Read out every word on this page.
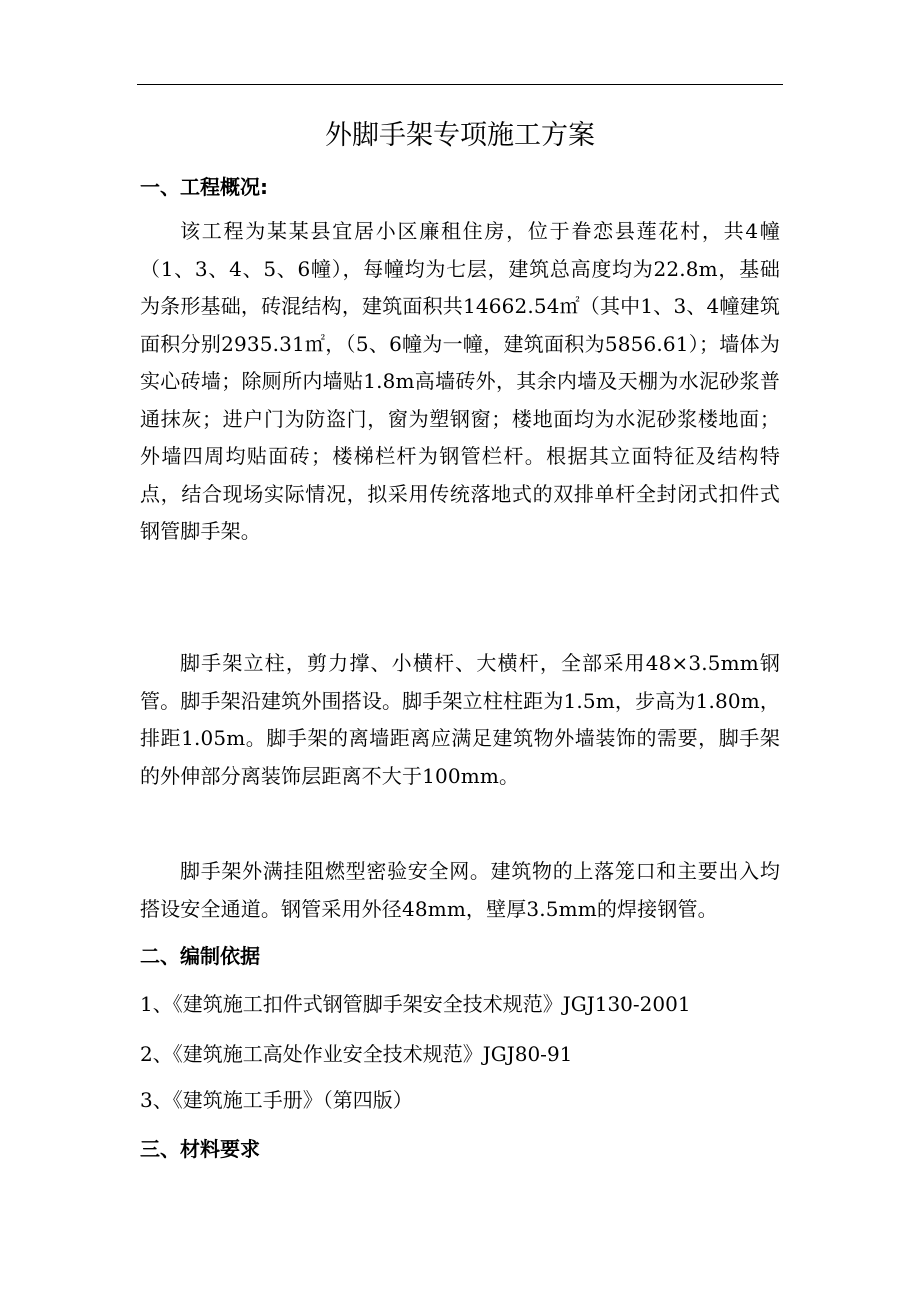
外脚手架专项施工方案
一、工程概况:
该工程为某某县宜居小区廉租住房，位于眷恋县莲花村，共4幢（1、3、4、5、6幢），每幢均为七层，建筑总高度均为22.8m，基础为条形基础，砖混结构，建筑面积共14662.54㎡（其中1、3、4幢建筑面积分别2935.31㎡，（5、6幢为一幢，建筑面积为5856.61）；墙体为实心砖墙；除厕所内墙贴1.8m高墙砖外，其余内墙及天棚为水泥砂浆普通抹灰；进户门为防盗门，窗为塑钢窗；楼地面均为水泥砂浆楼地面；外墙四周均贴面砖；楼梯栏杆为钢管栏杆。根据其立面特征及结构特点，结合现场实际情况，拟采用传统落地式的双排单杆全封闭式扣件式钢管脚手架。
脚手架立柱，剪力撑、小横杆、大横杆，全部采用48×3.5mm钢管。脚手架沿建筑外围搭设。脚手架立柱柱距为1.5m，步高为1.80m，排距1.05m。脚手架的离墙距离应满足建筑物外墙装饰的需要，脚手架的外伸部分离装饰层距离不大于100mm。
脚手架外满挂阻燃型密验安全网。建筑物的上落笼口和主要出入均搭设安全通道。钢管采用外径48mm，壁厚3.5mm的焊接钢管。
二、编制依据
1、《建筑施工扣件式钢管脚手架安全技术规范》JGJ130-2001
2、《建筑施工高处作业安全技术规范》JGJ80-91
3、《建筑施工手册》（第四版）
三、材料要求
